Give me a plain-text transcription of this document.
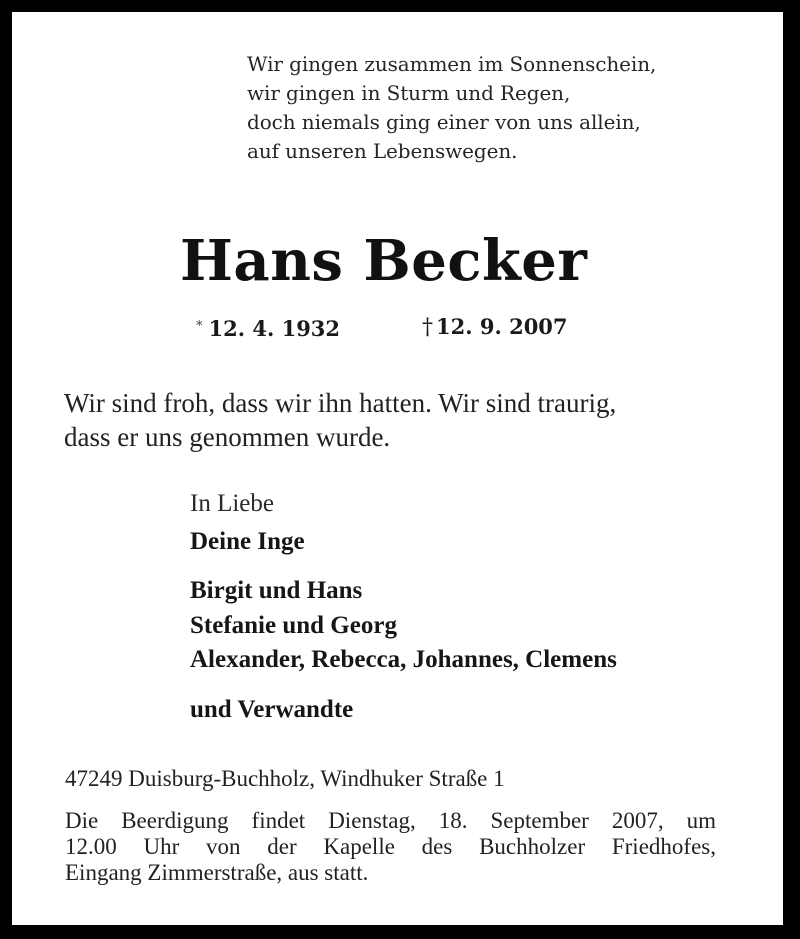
Wir gingen zusammen im Sonnenschein,
wir gingen in Sturm und Regen,
doch niemals ging einer von uns allein,
auf unseren Lebenswegen.
Hans Becker
* 12. 4. 1932	† 12. 9. 2007
Wir sind froh, dass wir ihn hatten. Wir sind traurig,
dass er uns genommen wurde.
In Liebe
Deine Inge
Birgit und Hans
Stefanie und Georg
Alexander, Rebecca, Johannes, Clemens
und Verwandte
47249 Duisburg-Buchholz, Windhuker Straße 1
Die Beerdigung findet Dienstag, 18. September 2007, um
12.00 Uhr von der Kapelle des Buchholzer Friedhofes,
Eingang Zimmerstraße, aus statt.
